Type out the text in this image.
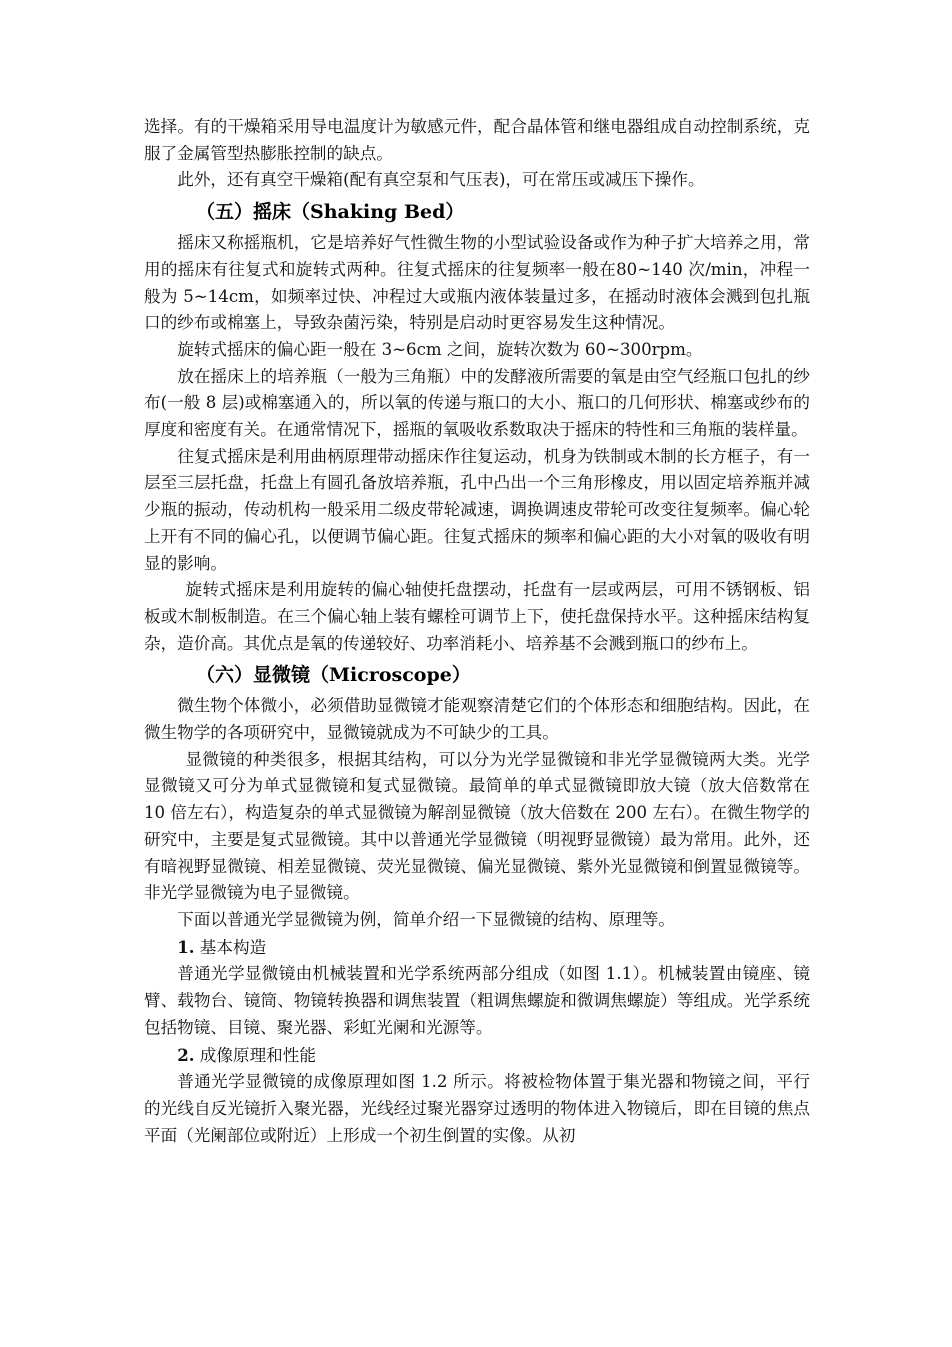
选择。有的干燥箱采用导电温度计为敏感元件，配合晶体管和继电器组成自动控制系统，克服了金属管型热膨胀控制的缺点。

此外，还有真空干燥箱(配有真空泵和气压表)，可在常压或减压下操作。

（五）摇床（Shaking Bed）

摇床又称摇瓶机，它是培养好气性微生物的小型试验设备或作为种子扩大培养之用，常用的摇床有往复式和旋转式两种。往复式摇床的往复频率一般在80~140 次/min，冲程一般为 5~14cm，如频率过快、冲程过大或瓶内液体装量过多，在摇动时液体会溅到包扎瓶口的纱布或棉塞上，导致杂菌污染，特别是启动时更容易发生这种情况。

旋转式摇床的偏心距一般在 3~6cm 之间，旋转次数为 60~300rpm。

放在摇床上的培养瓶（一般为三角瓶）中的发酵液所需要的氧是由空气经瓶口包扎的纱布(一般 8 层)或棉塞通入的，所以氧的传递与瓶口的大小、瓶口的几何形状、棉塞或纱布的厚度和密度有关。在通常情况下，摇瓶的氧吸收系数取决于摇床的特性和三角瓶的装样量。

往复式摇床是利用曲柄原理带动摇床作往复运动，机身为铁制或木制的长方框子，有一层至三层托盘，托盘上有圆孔备放培养瓶，孔中凸出一个三角形橡皮，用以固定培养瓶并减少瓶的振动，传动机构一般采用二级皮带轮减速，调换调速皮带轮可改变往复频率。偏心轮上开有不同的偏心孔，以便调节偏心距。往复式摇床的频率和偏心距的大小对氧的吸收有明显的影响。

旋转式摇床是利用旋转的偏心轴使托盘摆动，托盘有一层或两层，可用不锈钢板、铝板或木制板制造。在三个偏心轴上装有螺栓可调节上下，使托盘保持水平。这种摇床结构复杂，造价高。其优点是氧的传递较好、功率消耗小、培养基不会溅到瓶口的纱布上。

（六）显微镜（Microscope）

微生物个体微小，必须借助显微镜才能观察清楚它们的个体形态和细胞结构。因此，在微生物学的各项研究中，显微镜就成为不可缺少的工具。

显微镜的种类很多，根据其结构，可以分为光学显微镜和非光学显微镜两大类。光学显微镜又可分为单式显微镜和复式显微镜。最简单的单式显微镜即放大镜（放大倍数常在 10 倍左右），构造复杂的单式显微镜为解剖显微镜（放大倍数在 200 左右）。在微生物学的研究中，主要是复式显微镜。其中以普通光学显微镜（明视野显微镜）最为常用。此外，还有暗视野显微镜、相差显微镜、荧光显微镜、偏光显微镜、紫外光显微镜和倒置显微镜等。非光学显微镜为电子显微镜。

下面以普通光学显微镜为例，简单介绍一下显微镜的结构、原理等。

1. 基本构造

普通光学显微镜由机械装置和光学系统两部分组成（如图 1.1）。机械装置由镜座、镜臂、载物台、镜筒、物镜转换器和调焦装置（粗调焦螺旋和微调焦螺旋）等组成。光学系统包括物镜、目镜、聚光器、彩虹光阑和光源等。

2. 成像原理和性能

普通光学显微镜的成像原理如图 1.2 所示。将被检物体置于集光器和物镜之间，平行的光线自反光镜折入聚光器，光线经过聚光器穿过透明的物体进入物镜后，即在目镜的焦点平面（光阑部位或附近）上形成一个初生倒置的实像。从初
